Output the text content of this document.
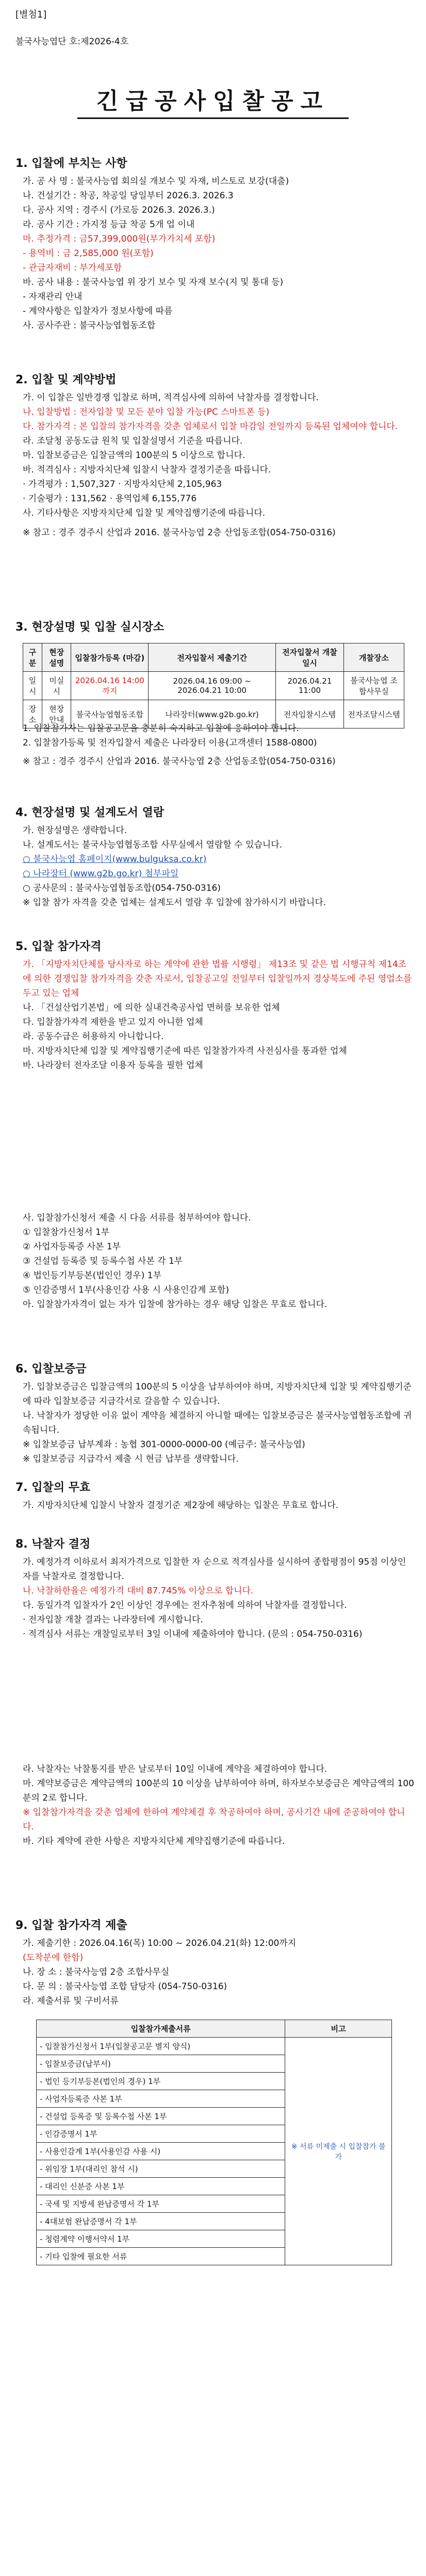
[별첨1]
불국사능엽단 호:제2026-4호
긴급공사입찰공고
1. 입찰에 부치는 사항
가. 공 사 명 : 불국사능엽 회의실 개보수 및 자재, 비스토로 보강(대출)
나. 건설기간 : 착공, 착공일 당일부터 2026.3. 2026.3
다. 공사 지역 : 경주시 (가로등 2026.3. 2026.3.)
라. 공사 기간 : 가지정 등급 착공 5개 업 이내
마. 추정가격 : 금57,399,000원(부가가치세 포함)
- 용역비 : 금 2,585,000 원(포함)
- 관급자재비 : 부가세포함
바. 공사 내용 : 불국사능엽 위 장기 보수 및 자재 보수(지 및 통대 등)
- 자재관리 안내
- 계약사항은 입찰자가 정보사항에 따름
사. 공사주관 : 불국사능엽협동조합
2. 입찰 및 계약방법
가. 이 입찰은 일반경쟁 입찰로 하며, 적격심사에 의하여 낙찰자를 결정합니다.
나. 입찰방법 : 전자입찰 및 모든 분야 입찰 가능(PC 스마트폰 등)
다. 참가자격 : 본 입찰의 참가자격을 갖춘 업체로서 입찰 마감일 전일까지 등록된 업체여야 합니다.
라. 조달청 공동도급 원칙 및 입찰설명서 기준을 따릅니다.
마. 입찰보증금은 입찰금액의 100분의 5 이상으로 합니다.
바. 적격심사 : 지방자치단체 입찰시 낙찰자 결정기준을 따릅니다.
· 가격평가 : 1,507,327 · 지방자치단체 2,105,963
· 기술평가 : 131,562 · 용역업체 6,155,776
사. 기타사항은 지방자치단체 입찰 및 계약집행기준에 따릅니다.
※ 참고 : 경주 경주시 산업과 2016. 불국사능엽 2층 산업동조합(054-750-0316)
3. 현장설명 및 입찰 실시장소
구분	현장설명	입찰참가등록 (마감)	전자입찰서 제출기간	전자입찰서 개찰일시	개찰장소
일시	미실시	2026.04.16 14:00까지	2026.04.16 09:00 ~ 2026.04.21 10:00	2026.04.21 11:00	불국사능엽 조합사무실
장소	현장안내	불국사능엽협동조합	나라장터(www.g2b.go.kr)	전자입찰시스템	전자조달시스템
1. 입찰참가자는 입찰공고문을 충분히 숙지하고 입찰에 응하여야 합니다.
2. 입찰참가등록 및 전자입찰서 제출은 나라장터 이용(고객센터 1588-0800)
※ 참고 : 경주 경주시 산업과 2016. 불국사능엽 2층 산업동조합(054-750-0316)
4. 현장설명 및 설계도서 열람
가. 현장설명은 생략합니다.
나. 설계도서는 불국사능엽협동조합 사무실에서 열람할 수 있습니다.
○ 불국사능엽 홈페이지(www.bulguksa.co.kr)
○ 나라장터 (www.g2b.go.kr) 첨부파일
○ 공사문의 : 불국사능엽협동조합(054-750-0316)
※ 입찰 참가 자격을 갖춘 업체는 설계도서 열람 후 입찰에 참가하시기 바랍니다.
5. 입찰 참가자격
가. 「지방자치단체를 당사자로 하는 계약에 관한 법률 시행령」 제13조 및 같은 법 시행규칙 제14조에 의한 경쟁입찰 참가자격을 갖춘 자로서, 입찰공고일 전일부터 입찰일까지 경상북도에 주된 영업소를 두고 있는 업체
나. 「건설산업기본법」에 의한 실내건축공사업 면허를 보유한 업체
다. 입찰참가자격 제한을 받고 있지 아니한 업체
라. 공동수급은 허용하지 아니합니다.
마. 지방자치단체 입찰 및 계약집행기준에 따른 입찰참가자격 사전심사를 통과한 업체
바. 나라장터 전자조달 이용자 등록을 필한 업체
사. 입찰참가신청서 제출 시 다음 서류를 첨부하여야 합니다.
① 입찰참가신청서 1부
② 사업자등록증 사본 1부
③ 건설업 등록증 및 등록수첩 사본 각 1부
④ 법인등기부등본(법인인 경우) 1부
⑤ 인감증명서 1부(사용인감 사용 시 사용인감계 포함)
아. 입찰참가자격이 없는 자가 입찰에 참가하는 경우 해당 입찰은 무효로 합니다.
6. 입찰보증금
가. 입찰보증금은 입찰금액의 100분의 5 이상을 납부하여야 하며, 지방자치단체 입찰 및 계약집행기준에 따라 입찰보증금 지급각서로 갈음할 수 있습니다.
나. 낙찰자가 정당한 이유 없이 계약을 체결하지 아니할 때에는 입찰보증금은 불국사능엽협동조합에 귀속됩니다.
※ 입찰보증금 납부계좌 : 농협 301-0000-0000-00 (예금주: 불국사능엽)
※ 입찰보증금 지급각서 제출 시 현금 납부를 생략합니다.
7. 입찰의 무효
가. 지방자치단체 입찰시 낙찰자 결정기준 제2장에 해당하는 입찰은 무효로 합니다.
8. 낙찰자 결정
가. 예정가격 이하로서 최저가격으로 입찰한 자 순으로 적격심사를 실시하여 종합평점이 95점 이상인 자를 낙찰자로 결정합니다.
나. 낙찰하한율은 예정가격 대비 87.745% 이상으로 합니다.
다. 동일가격 입찰자가 2인 이상인 경우에는 전자추첨에 의하여 낙찰자를 결정합니다.
· 전자입찰 개찰 결과는 나라장터에 게시합니다.
· 적격심사 서류는 개찰일로부터 3일 이내에 제출하여야 합니다. (문의 : 054-750-0316)
라. 낙찰자는 낙찰통지를 받은 날로부터 10일 이내에 계약을 체결하여야 합니다.
마. 계약보증금은 계약금액의 100분의 10 이상을 납부하여야 하며, 하자보수보증금은 계약금액의 100분의 2로 합니다.
※ 입찰참가자격을 갖춘 업체에 한하여 계약체결 후 착공하여야 하며, 공사기간 내에 준공하여야 합니다.
바. 기타 계약에 관한 사항은 지방자치단체 계약집행기준에 따릅니다.
9. 입찰 참가자격 제출
가. 제출기한 : 2026.04.16(목) 10:00 ~ 2026.04.21(화) 12:00까지
(도착분에 한함)
나. 장 소 : 불국사능엽 2층 조합사무실
다. 문 의 : 불국사능엽 조합 담당자 (054-750-0316)
라. 제출서류 및 구비서류
입찰참가제출서류	비고
- 입찰참가신청서 1부(입찰공고문 별지 양식)	※ 서류 미제출 시 입찰참가 불가
- 입찰보증금(납부서)	
- 법인 등기부등본(법인의 경우) 1부	
- 사업자등록증 사본 1부	
- 건설업 등록증 및 등록수첩 사본 1부	
- 인감증명서 1부	
- 사용인감계 1부(사용인감 사용 시)	
- 위임장 1부(대리인 참석 시)	
- 대리인 신분증 사본 1부	
- 국세 및 지방세 완납증명서 각 1부	
- 4대보험 완납증명서 각 1부	
- 청렴계약 이행서약서 1부	
- 기타 입찰에 필요한 서류	
